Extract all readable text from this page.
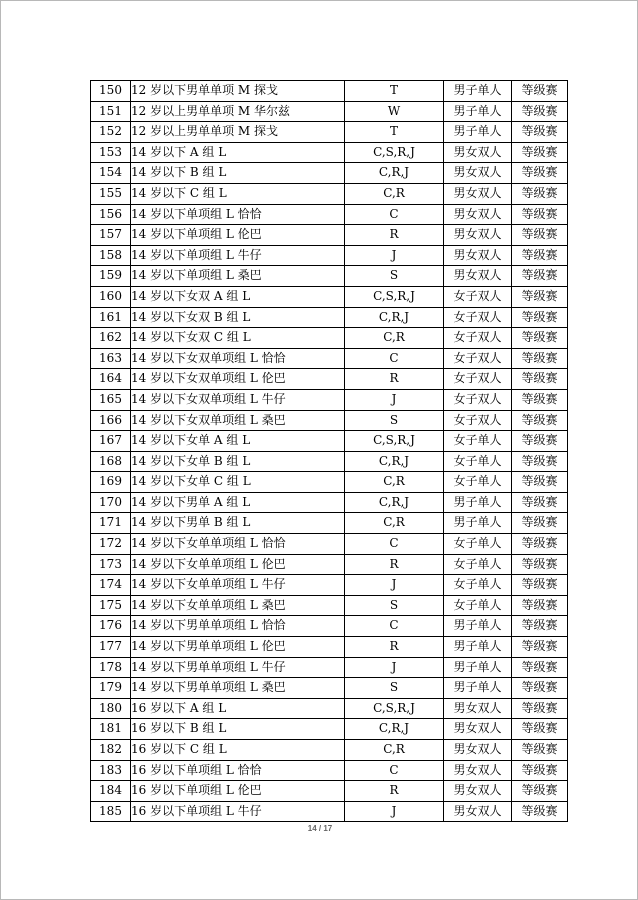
150	12 岁以下男单单项 M 探戈	T	男子单人	等级赛
151	12 岁以上男单单项 M 华尔兹	W	男子单人	等级赛
152	12 岁以上男单单项 M 探戈	T	男子单人	等级赛
153	14 岁以下 A 组 L	C,S,R,J	男女双人	等级赛
154	14 岁以下 B 组 L	C,R,J	男女双人	等级赛
155	14 岁以下 C 组 L	C,R	男女双人	等级赛
156	14 岁以下单项组 L 恰恰	C	男女双人	等级赛
157	14 岁以下单项组 L 伦巴	R	男女双人	等级赛
158	14 岁以下单项组 L 牛仔	J	男女双人	等级赛
159	14 岁以下单项组 L 桑巴	S	男女双人	等级赛
160	14 岁以下女双 A 组 L	C,S,R,J	女子双人	等级赛
161	14 岁以下女双 B 组 L	C,R,J	女子双人	等级赛
162	14 岁以下女双 C 组 L	C,R	女子双人	等级赛
163	14 岁以下女双单项组 L 恰恰	C	女子双人	等级赛
164	14 岁以下女双单项组 L 伦巴	R	女子双人	等级赛
165	14 岁以下女双单项组 L 牛仔	J	女子双人	等级赛
166	14 岁以下女双单项组 L 桑巴	S	女子双人	等级赛
167	14 岁以下女单 A 组 L	C,S,R,J	女子单人	等级赛
168	14 岁以下女单 B 组 L	C,R,J	女子单人	等级赛
169	14 岁以下女单 C 组 L	C,R	女子单人	等级赛
170	14 岁以下男单 A 组 L	C,R,J	男子单人	等级赛
171	14 岁以下男单 B 组 L	C,R	男子单人	等级赛
172	14 岁以下女单单项组 L 恰恰	C	女子单人	等级赛
173	14 岁以下女单单项组 L 伦巴	R	女子单人	等级赛
174	14 岁以下女单单项组 L 牛仔	J	女子单人	等级赛
175	14 岁以下女单单项组 L 桑巴	S	女子单人	等级赛
176	14 岁以下男单单项组 L 恰恰	C	男子单人	等级赛
177	14 岁以下男单单项组 L 伦巴	R	男子单人	等级赛
178	14 岁以下男单单项组 L 牛仔	J	男子单人	等级赛
179	14 岁以下男单单项组 L 桑巴	S	男子单人	等级赛
180	16 岁以下 A 组 L	C,S,R,J	男女双人	等级赛
181	16 岁以下 B 组 L	C,R,J	男女双人	等级赛
182	16 岁以下 C 组 L	C,R	男女双人	等级赛
183	16 岁以下单项组 L 恰恰	C	男女双人	等级赛
184	16 岁以下单项组 L 伦巴	R	男女双人	等级赛
185	16 岁以下单项组 L 牛仔	J	男女双人	等级赛
14 / 17
